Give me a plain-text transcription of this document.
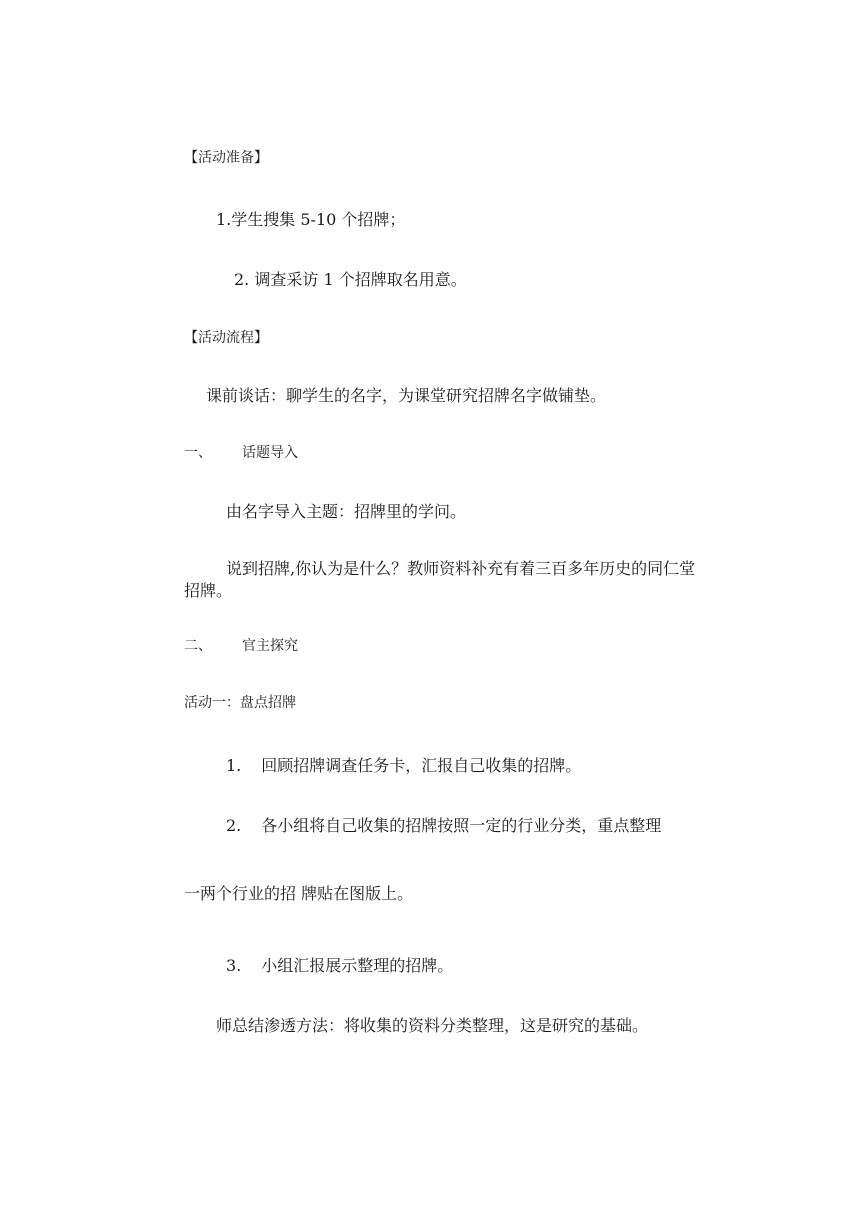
【活动准备】
1.学生搜集 5-10 个招牌；
2. 调查采访 1 个招牌取名用意。
【活动流程】
课前谈话：聊学生的名字，为课堂研究招牌名字做铺垫。
一、 话题导入
由名字导入主题：招牌里的学问。
说到招牌,你认为是什么？教师资料补充有着三百多年历史的同仁堂招牌。
二、 官主探究
活动一：盘点招牌
1. 回顾招牌调查任务卡，汇报自己收集的招牌。
2. 各小组将自己收集的招牌按照一定的行业分类，重点整理
一两个行业的招 牌贴在图版上。
3. 小组汇报展示整理的招牌。
师总结渗透方法：将收集的资料分类整理，这是研究的基础。
